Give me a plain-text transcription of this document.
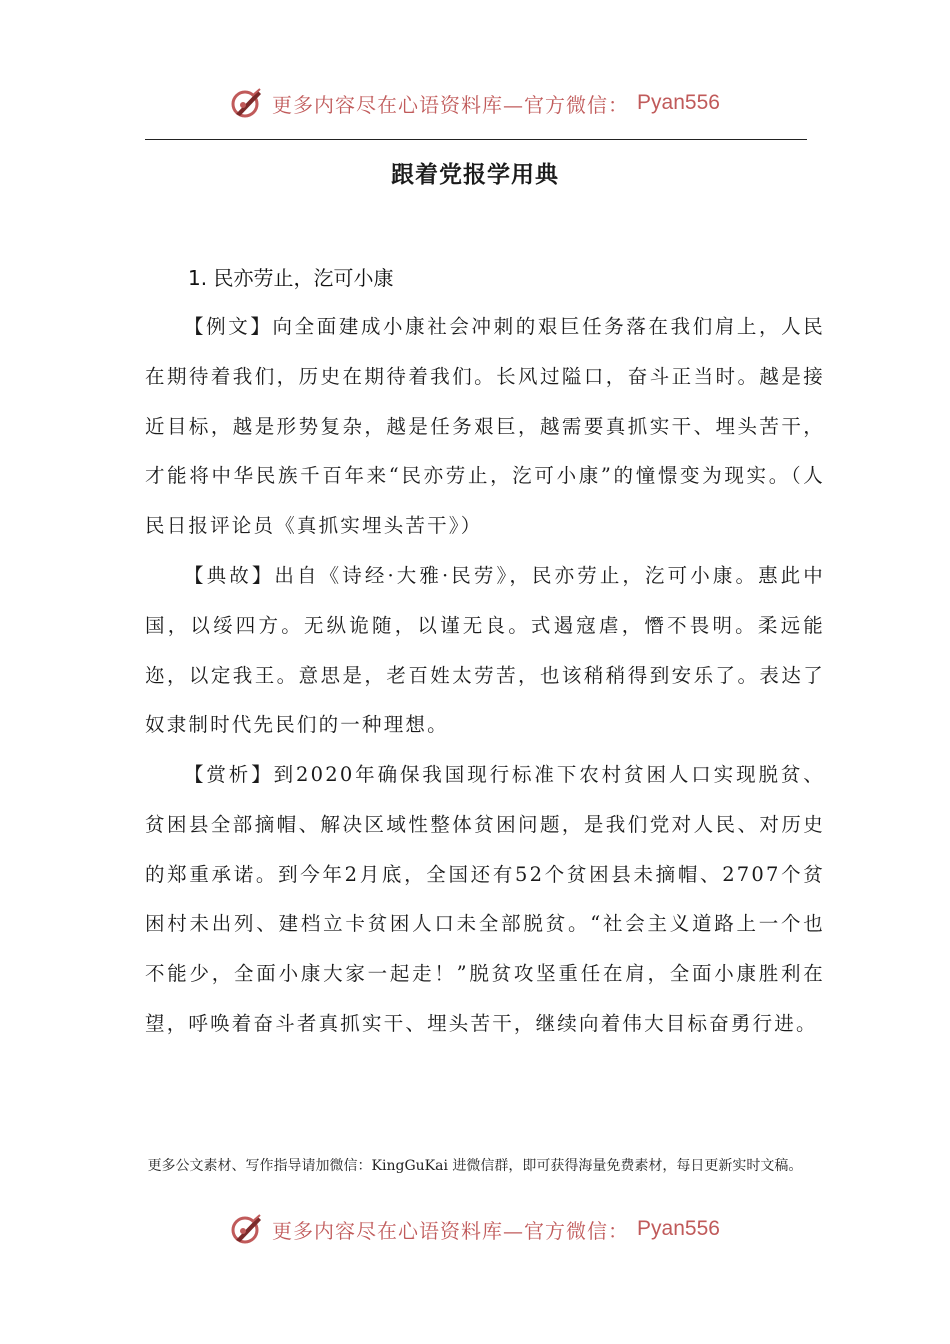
更多内容尽在心语资料库—官方微信： Pyan556
跟着党报学用典
1. 民亦劳止，汔可小康

【例文】向全面建成小康社会冲刺的艰巨任务落在我们肩上，人民在期待着我们，历史在期待着我们。长风过隘口，奋斗正当时。越是接近目标，越是形势复杂，越是任务艰巨，越需要真抓实干、埋头苦干，才能将中华民族千百年来“民亦劳止，汔可小康”的憧憬变为现实。（人民日报评论员《真抓实埋头苦干》）

【典故】出自《诗经·大雅·民劳》，民亦劳止，汔可小康。惠此中国，以绥四方。无纵诡随，以谨无良。式遏寇虐，憯不畏明。柔远能迩，以定我王。意思是，老百姓太劳苦，也该稍稍得到安乐了。表达了奴隶制时代先民们的一种理想。

【赏析】到2020年确保我国现行标准下农村贫困人口实现脱贫、贫困县全部摘帽、解决区域性整体贫困问题，是我们党对人民、对历史的郑重承诺。到今年2月底，全国还有52个贫困县未摘帽、2707个贫困村未出列、建档立卡贫困人口未全部脱贫。“社会主义道路上一个也不能少，全面小康大家一起走！”脱贫攻坚重任在肩，全面小康胜利在望，呼唤着奋斗者真抓实干、埋头苦干，继续向着伟大目标奋勇行进。

更多公文素材、写作指导请加微信：KingGuKai 进微信群，即可获得海量免费素材，每日更新实时文稿。
更多内容尽在心语资料库—官方微信： Pyan556
